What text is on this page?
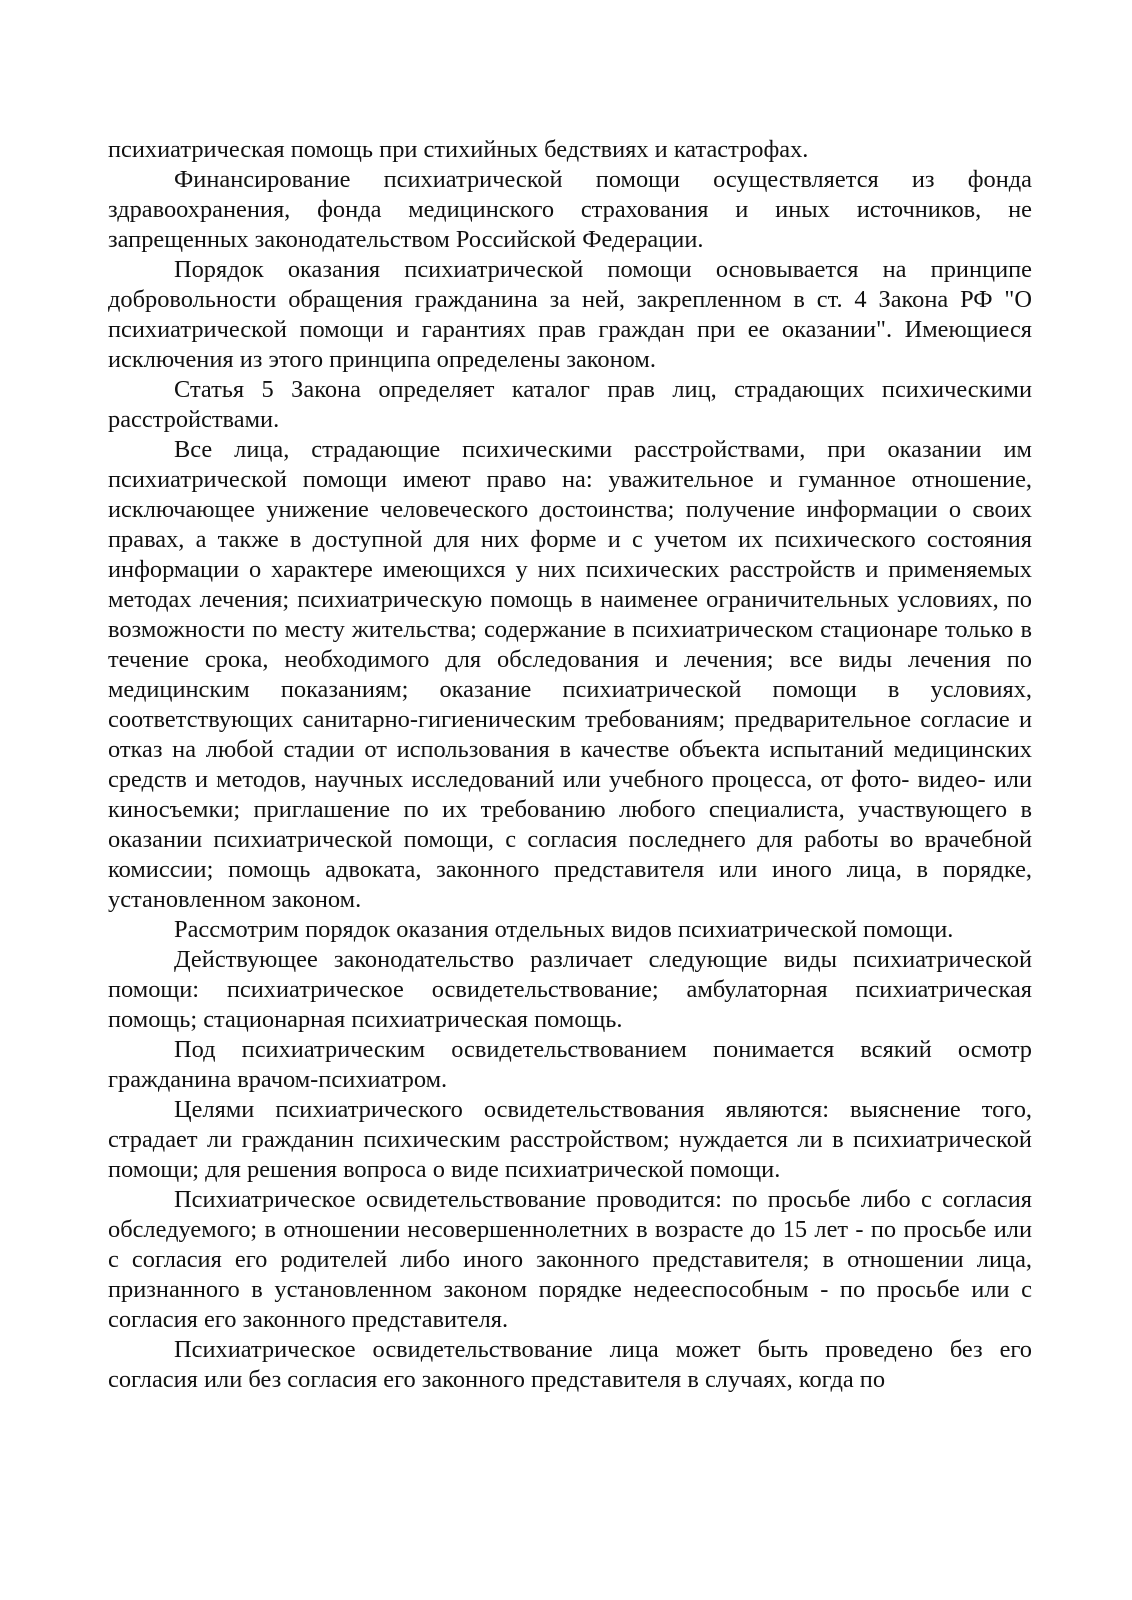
психиатрическая помощь при стихийных бедствиях и катастрофах.

Финансирование психиатрической помощи осуществляется из фонда здравоохранения, фонда медицинского страхования и иных источников, не запрещенных законодательством Российской Федерации.

Порядок оказания психиатрической помощи основывается на принципе добровольности обращения гражданина за ней, закрепленном в ст. 4 Закона РФ "О психиатрической помощи и гарантиях прав граждан при ее оказании". Имеющиеся исключения из этого принципа определены законом.

Статья 5 Закона определяет каталог прав лиц, страдающих психическими расстройствами.

Все лица, страдающие психическими расстройствами, при оказании им психиатрической помощи имеют право на: уважительное и гуманное отношение, исключающее унижение человеческого достоинства; получение информации о своих правах, а также в доступной для них форме и с учетом их психического состояния информации о характере имеющихся у них психических расстройств и применяемых методах лечения; психиатрическую помощь в наименее ограничительных условиях, по возможности по месту жительства; содержание в психиатрическом стационаре только в течение срока, необходимого для обследования и лечения; все виды лечения по медицинским показаниям; оказание психиатрической помощи в условиях, соответствующих санитарно-гигиеническим требованиям; предварительное согласие и отказ на любой стадии от использования в качестве объекта испытаний медицинских средств и методов, научных исследований или учебного процесса, от фото- видео- или киносъемки; приглашение по их требованию любого специалиста, участвующего в оказании психиатрической помощи, с согласия последнего для работы во врачебной комиссии; помощь адвоката, законного представителя или иного лица, в порядке, установленном законом.

Рассмотрим порядок оказания отдельных видов психиатрической помощи.

Действующее законодательство различает следующие виды психиатрической помощи: психиатрическое освидетельствование; амбулаторная психиатрическая помощь; стационарная психиатрическая помощь.

Под психиатрическим освидетельствованием понимается всякий осмотр гражданина врачом-психиатром.

Целями психиатрического освидетельствования являются: выяснение того, страдает ли гражданин психическим расстройством; нуждается ли в психиатрической помощи; для решения вопроса о виде психиатрической помощи.

Психиатрическое освидетельствование проводится: по просьбе либо с согласия обследуемого; в отношении несовершеннолетних в возрасте до 15 лет - по просьбе или с согласия его родителей либо иного законного представителя; в отношении лица, признанного в установленном законом порядке недееспособным - по просьбе или с согласия его законного представителя.

Психиатрическое освидетельствование лица может быть проведено без его согласия или без согласия его законного представителя в случаях, когда по
